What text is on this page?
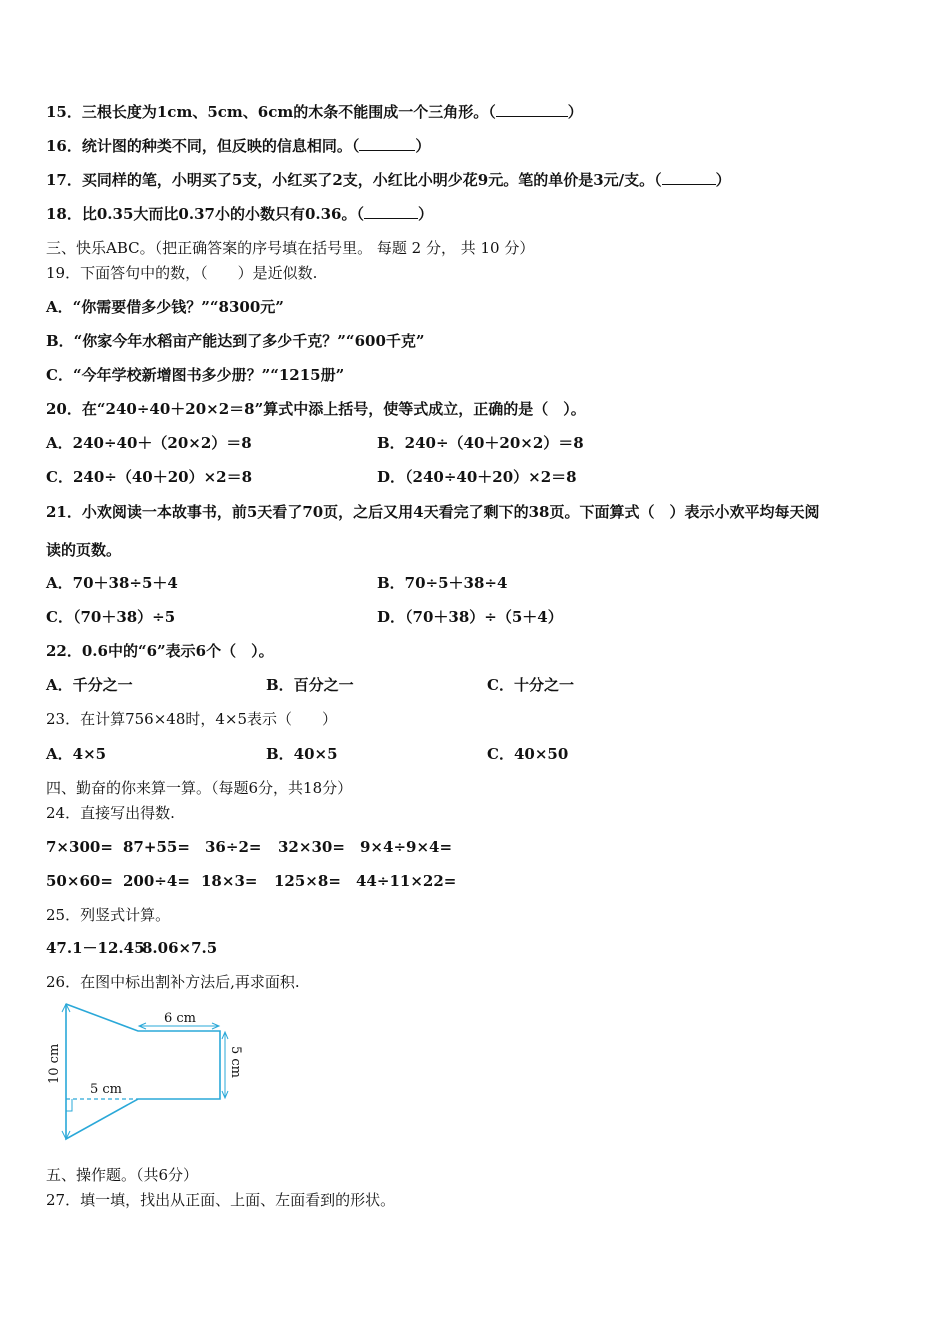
15．三根长度为1cm、5cm、6cm的木条不能围成一个三角形。（	）
16．统计图的种类不同，但反映的信息相同。（	）
17．买同样的笔，小明买了5支，小红买了2支，小红比小明少花9元。笔的单价是3元/支。（	）
18．比0.35大而比0.37小的小数只有0.36。（	）
三、快乐ABC。（把正确答案的序号填在括号里。 每题 2 分， 共 10 分）
19．下面答句中的数，（　　）是近似数.
A．“你需要借多少钱？”“8300元”
B．“你家今年水稻亩产能达到了多少千克？”“600千克”
C．“今年学校新增图书多少册？”“1215册”
20．在“240÷40＋20×2＝8”算式中添上括号，使等式成立，正确的是（　）。
A．240÷40＋（20×2）＝8	B．240÷（40＋20×2）＝8
C．240÷（40＋20）×2＝8	D．（240÷40＋20）×2＝8
21．小欢阅读一本故事书，前5天看了70页，之后又用4天看完了剩下的38页。下面算式（　）表示小欢平均每天阅
读的页数。
A．70＋38÷5＋4	B．70÷5＋38÷4
C．（70＋38）÷5	D．（70＋38）÷（5＋4）
22．0.6中的“6”表示6个（　）。
A．千分之一	B．百分之一	C．十分之一
23．在计算756×48时，4×5表示（　　）
A．4×5	B．40×5	C．40×50
四、勤奋的你来算一算。（每题6分，共18分）
24．直接写出得数.
7×300= 87+55= 36÷2= 32×30= 9×4÷9×4=
50×60= 200÷4= 18×3= 125×8= 44÷11×22=
25．列竖式计算。
47.1－12.45
8.06×7.5
26．在图中标出割补方法后,再求面积.
6 cm
5 cm
10 cm	5 cm
五、操作题。（共6分）
27．填一填，找出从正面、上面、左面看到的形状。
